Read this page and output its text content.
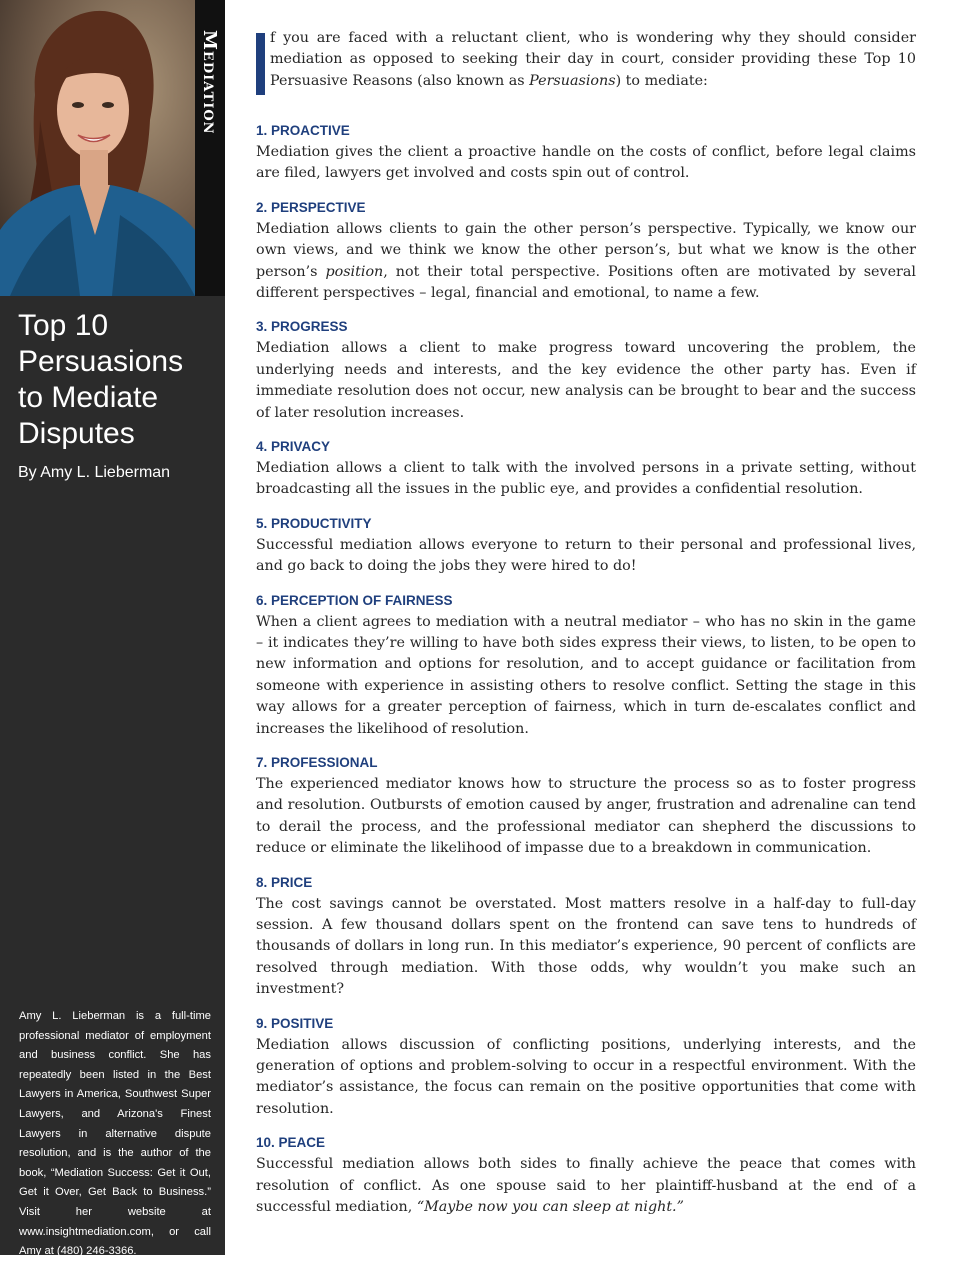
Mediation
Top 10
Persuasions
to Mediate
Disputes
By Amy L. Lieberman
Amy L. Lieberman is a full-time professional mediator of employment and business conflict. She has repeatedly been listed in the Best Lawyers in America, Southwest Super Lawyers, and Arizona's Finest Lawyers in alternative dispute resolution, and is the author of the book, “Mediation Success: Get it Out, Get it Over, Get Back to Business.” Visit her website at www.insightmediation.com, or call Amy at (480) 246-3366.

f you are faced with a reluctant client, who is wondering why they should consider mediation as opposed to seeking their day in court, consider providing these Top 10 Persuasive Reasons (also known as Persuasions) to mediate:

1. PROACTIVE

Mediation gives the client a proactive handle on the costs of conflict, before legal claims are filed, lawyers get involved and costs spin out of control.

2. PERSPECTIVE

Mediation allows clients to gain the other person’s perspective. Typically, we know our own views, and we think we know the other person’s, but what we know is the other person’s position, not their total perspective. Positions often are motivated by several different perspectives – legal, financial and emotional, to name a few.

3. PROGRESS

Mediation allows a client to make progress toward uncovering the problem, the underlying needs and interests, and the key evidence the other party has. Even if immediate resolution does not occur, new analysis can be brought to bear and the success of later resolution increases.

4. PRIVACY

Mediation allows a client to talk with the involved persons in a private setting, without broadcasting all the issues in the public eye, and provides a confidential resolution.

5. PRODUCTIVITY

Successful mediation allows everyone to return to their personal and professional lives, and go back to doing the jobs they were hired to do!

6. PERCEPTION OF FAIRNESS

When a client agrees to mediation with a neutral mediator – who has no skin in the game – it indicates they’re willing to have both sides express their views, to listen, to be open to new information and options for resolution, and to accept guidance or facilitation from someone with experience in assisting others to resolve conflict. Setting the stage in this way allows for a greater perception of fairness, which in turn de-escalates conflict and increases the likelihood of resolution.

7. PROFESSIONAL

The experienced mediator knows how to structure the process so as to foster progress and resolution. Outbursts of emotion caused by anger, frustration and adrenaline can tend to derail the process, and the professional mediator can shepherd the discussions to reduce or eliminate the likelihood of impasse due to a breakdown in communication.

8. PRICE

The cost savings cannot be overstated. Most matters resolve in a half-day to full-day session. A few thousand dollars spent on the frontend can save tens to hundreds of thousands of dollars in long run. In this mediator’s experience, 90 percent of conflicts are resolved through mediation. With those odds, why wouldn’t you make such an investment?

9. POSITIVE

Mediation allows discussion of conflicting positions, underlying interests, and the generation of options and problem-solving to occur in a respectful environment. With the mediator’s assistance, the focus can remain on the positive opportunities that come with resolution.

10. PEACE

Successful mediation allows both sides to finally achieve the peace that comes with resolution of conflict. As one spouse said to her plaintiff-husband at the end of a successful mediation, “Maybe now you can sleep at night.”
